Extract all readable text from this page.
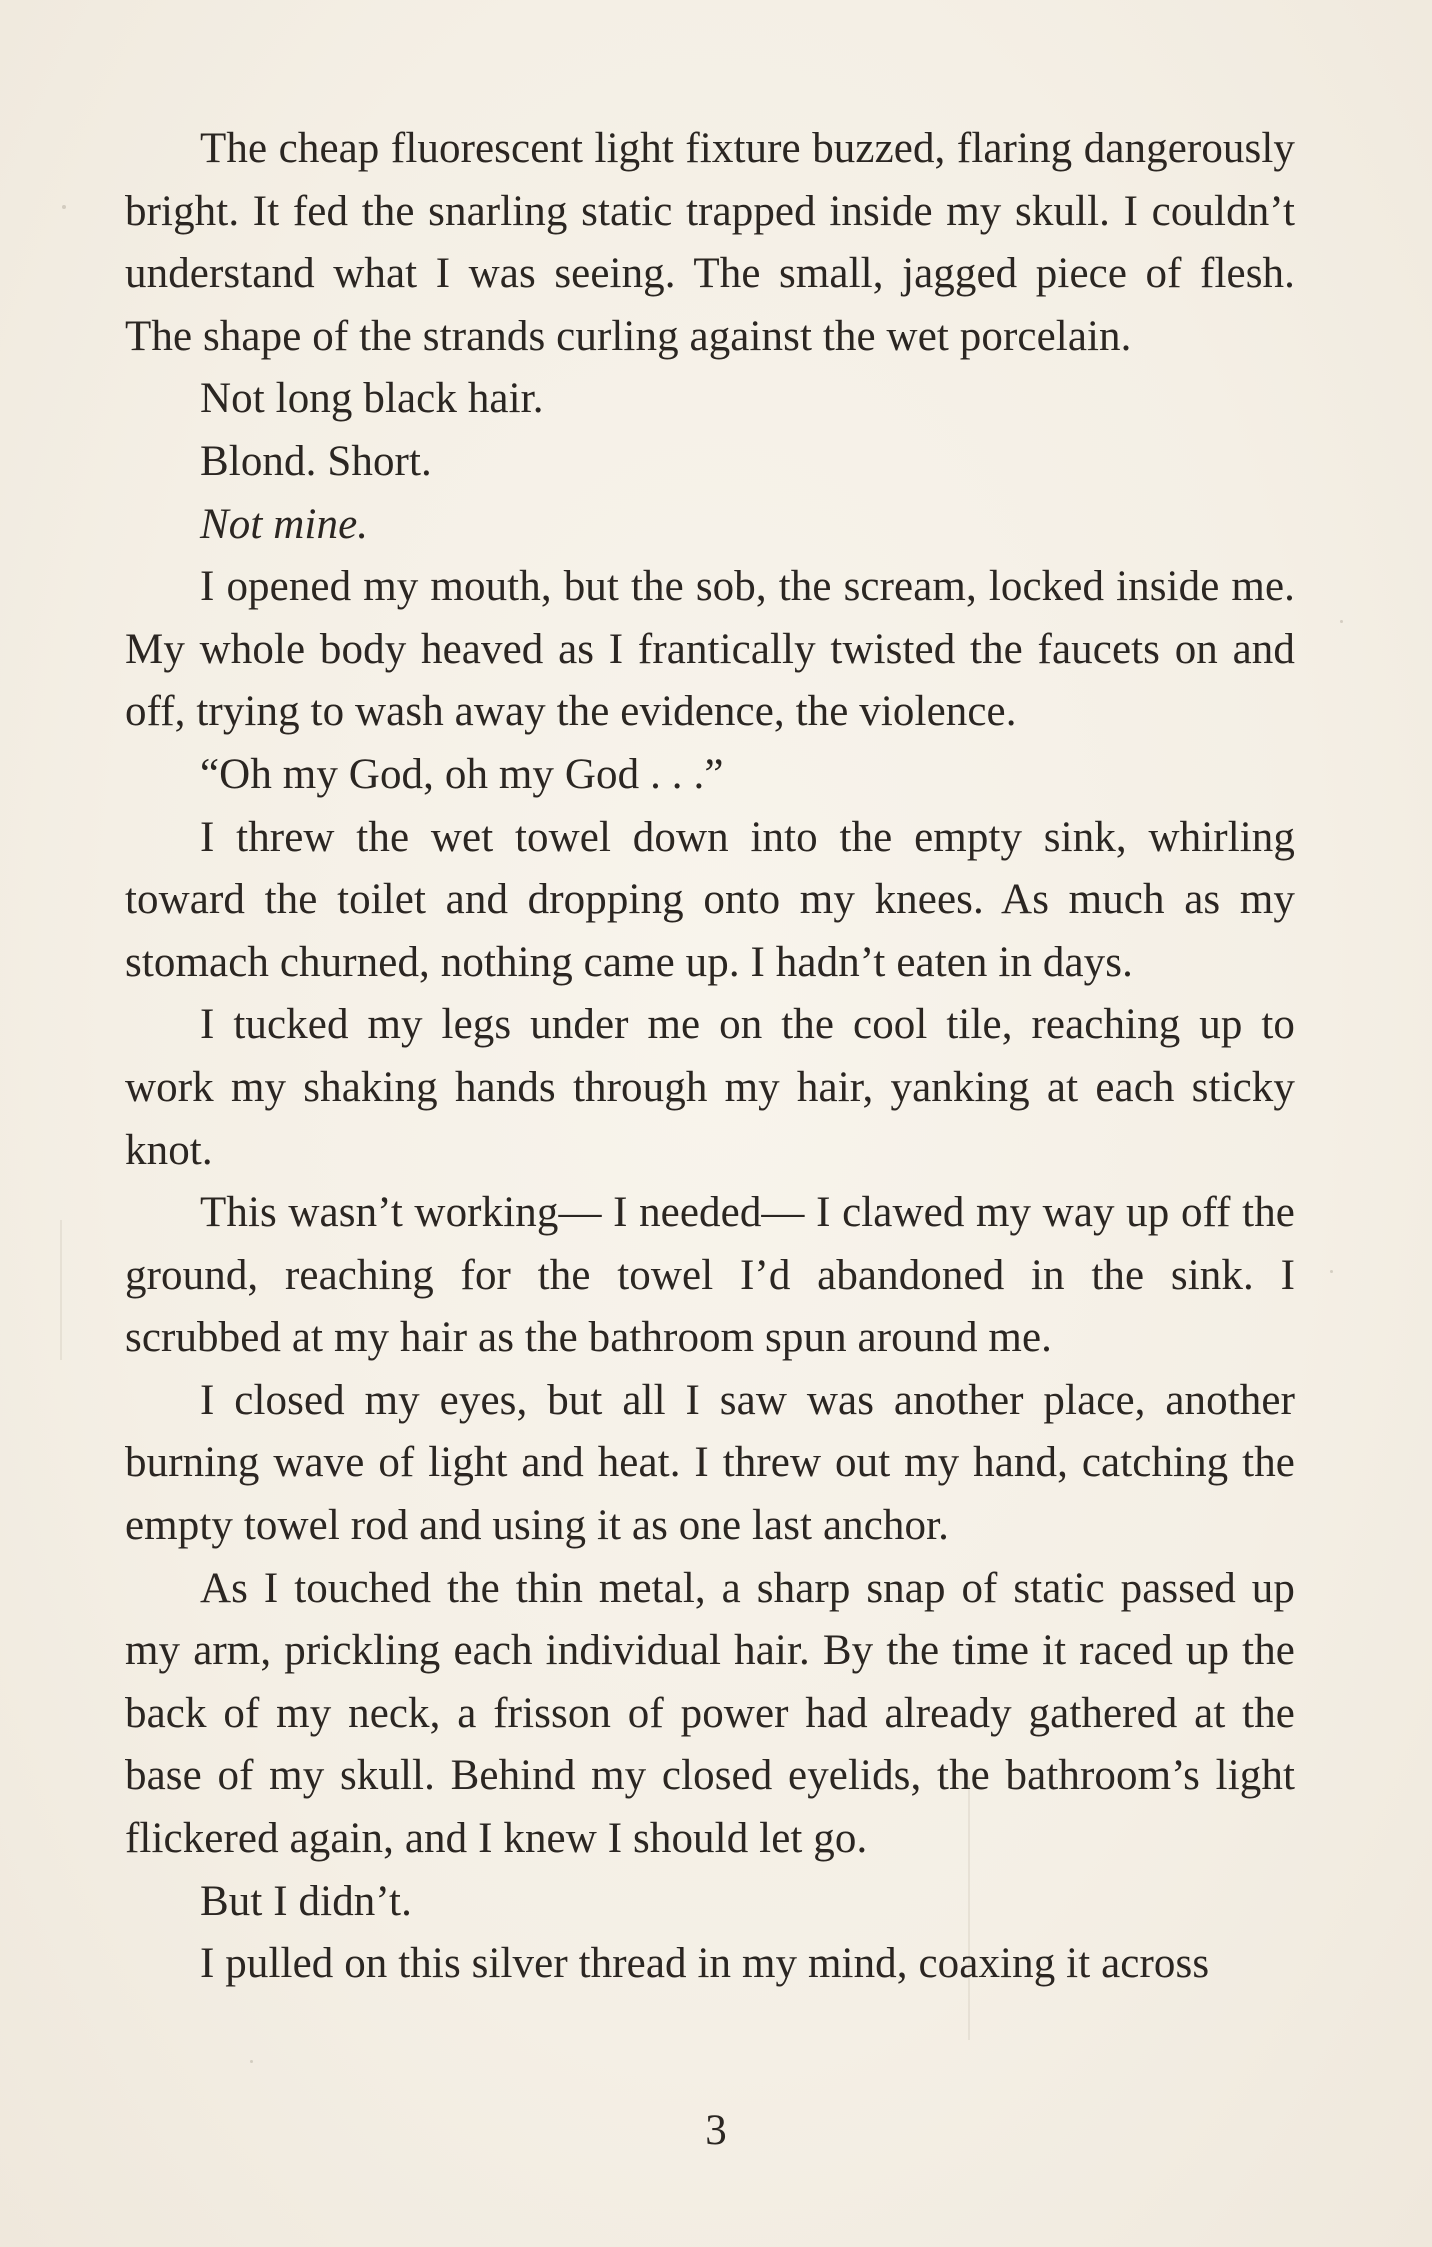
The cheap fluorescent light fixture buzzed, flaring dangerously bright. It fed the snarling static trapped inside my skull. I couldn’t understand what I was seeing. The small, jagged piece of flesh. The shape of the strands curling against the wet porcelain.

Not long black hair.

Blond. Short.

Not mine.

I opened my mouth, but the sob, the scream, locked inside me. My whole body heaved as I frantically twisted the faucets on and off, trying to wash away the evidence, the violence.

“Oh my God, oh my God . . .”

I threw the wet towel down into the empty sink, whirling toward the toilet and dropping onto my knees. As much as my stomach churned, nothing came up. I hadn’t eaten in days.

I tucked my legs under me on the cool tile, reaching up to work my shaking hands through my hair, yanking at each sticky knot.

This wasn’t working— I needed— I clawed my way up off the ground, reaching for the towel I’d abandoned in the sink. I scrubbed at my hair as the bathroom spun around me.

I closed my eyes, but all I saw was another place, another burning wave of light and heat. I threw out my hand, catching the empty towel rod and using it as one last anchor.

As I touched the thin metal, a sharp snap of static passed up my arm, prickling each individual hair. By the time it raced up the back of my neck, a frisson of power had already gathered at the base of my skull. Behind my closed eyelids, the bathroom’s light flickered again, and I knew I should let go.

But I didn’t.

I pulled on this silver thread in my mind, coaxing it across

3
